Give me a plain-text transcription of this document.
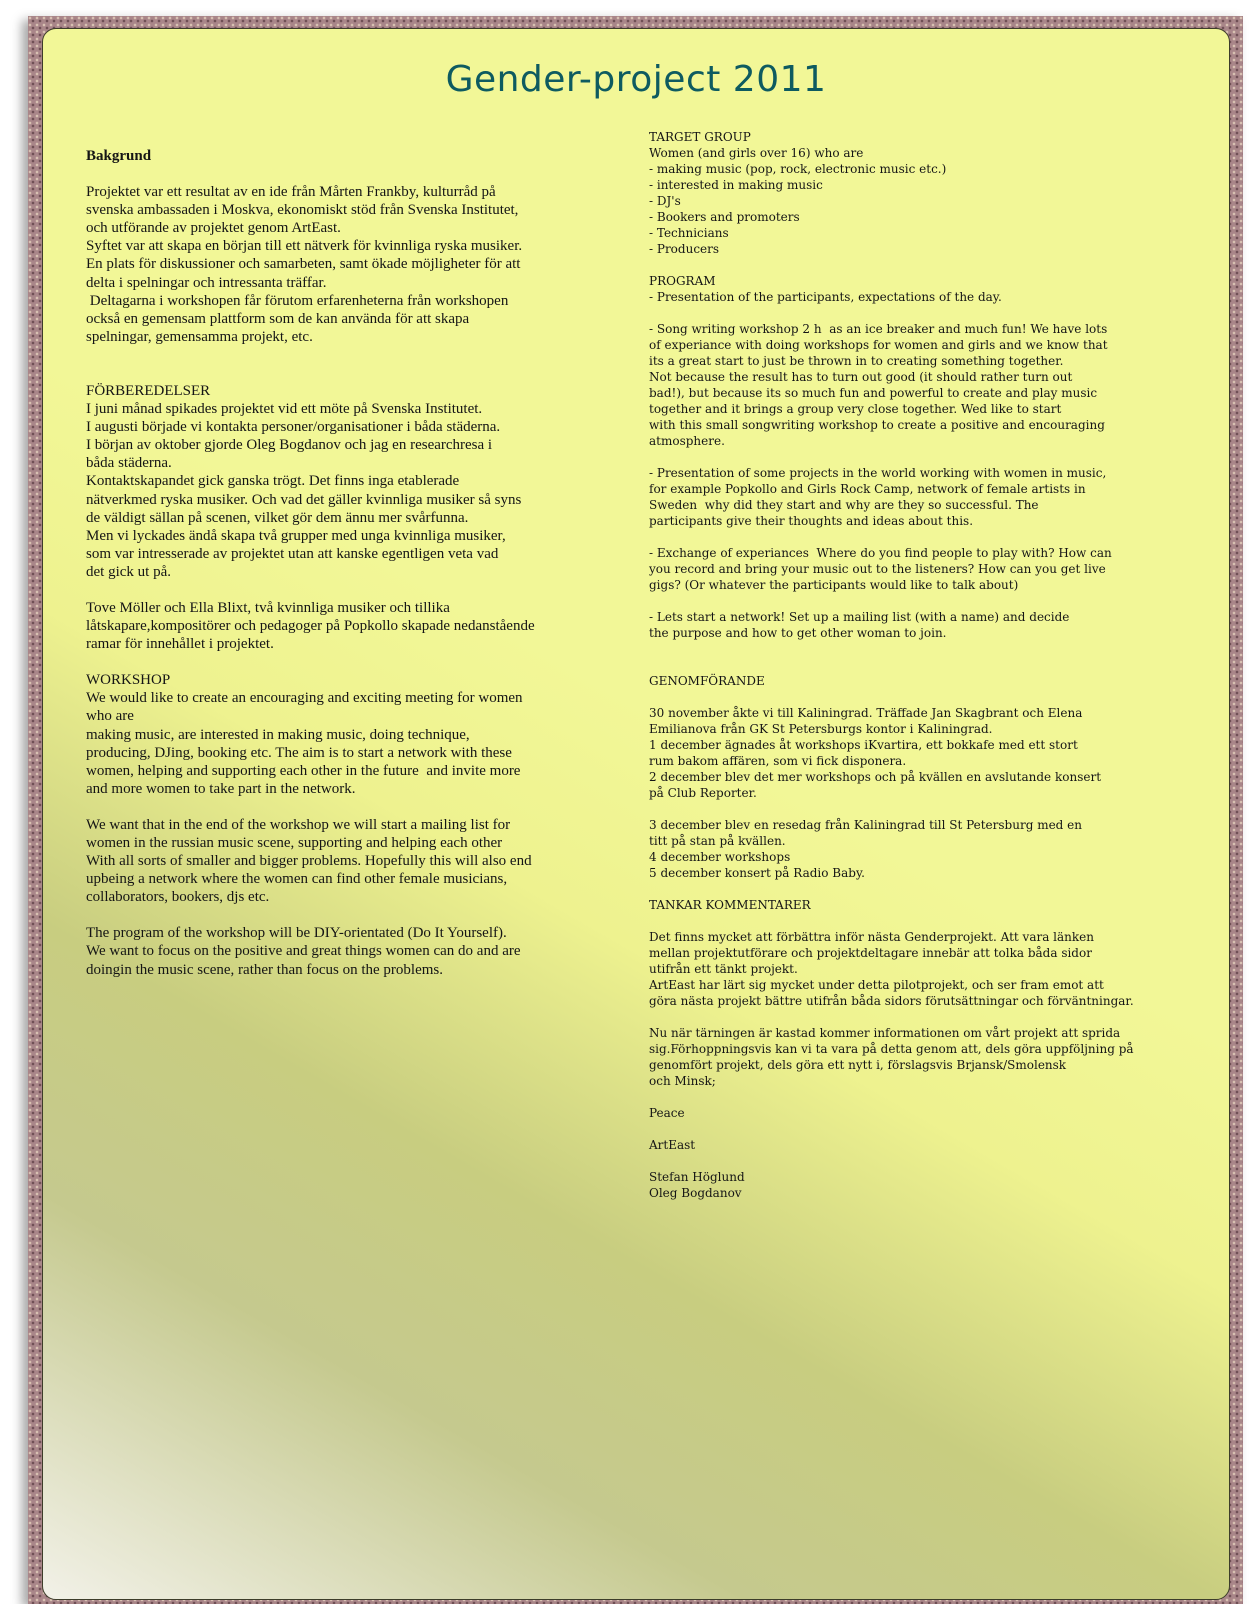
Gender-project 2011
Bakgrund
Projektet var ett resultat av en ide från Mårten Frankby, kulturråd på
svenska ambassaden i Moskva, ekonomiskt stöd från Svenska Institutet,
och utförande av projektet genom ArtEast.
Syftet var att skapa en början till ett nätverk för kvinnliga ryska musiker.
En plats för diskussioner och samarbeten, samt ökade möjligheter för att
delta i spelningar och intressanta träffar.
Deltagarna i workshopen får förutom erfarenheterna från workshopen
också en gemensam plattform som de kan använda för att skapa
spelningar, gemensamma projekt, etc.
FÖRBEREDELSER
I juni månad spikades projektet vid ett möte på Svenska Institutet.
I augusti började vi kontakta personer/organisationer i båda städerna.
I början av oktober gjorde Oleg Bogdanov och jag en researchresa i
båda städerna.
Kontaktskapandet gick ganska trögt. Det finns inga etablerade
nätverkmed ryska musiker. Och vad det gäller kvinnliga musiker så syns
de väldigt sällan på scenen, vilket gör dem ännu mer svårfunna.
Men vi lyckades ändå skapa två grupper med unga kvinnliga musiker,
som var intresserade av projektet utan att kanske egentligen veta vad
det gick ut på.
Tove Möller och Ella Blixt, två kvinnliga musiker och tillika
låtskapare,kompositörer och pedagoger på Popkollo skapade nedanstående
ramar för innehållet i projektet.
WORKSHOP
We would like to create an encouraging and exciting meeting for women
who are
making music, are interested in making music, doing technique,
producing, DJing, booking etc. The aim is to start a network with these
women, helping and supporting each other in the future  and invite more
and more women to take part in the network.
We want that in the end of the workshop we will start a mailing list for
women in the russian music scene, supporting and helping each other
With all sorts of smaller and bigger problems. Hopefully this will also end
upbeing a network where the women can find other female musicians,
collaborators, bookers, djs etc.
The program of the workshop will be DIY-orientated (Do It Yourself).
We want to focus on the positive and great things women can do and are
doingin the music scene, rather than focus on the problems.
TARGET GROUP
Women (and girls over 16) who are
- making music (pop, rock, electronic music etc.)
- interested in making music
- DJ's
- Bookers and promoters
- Technicians
- Producers
PROGRAM
- Presentation of the participants, expectations of the day.
- Song writing workshop 2 h  as an ice breaker and much fun! We have lots
of experiance with doing workshops for women and girls and we know that
its a great start to just be thrown in to creating something together.
Not because the result has to turn out good (it should rather turn out
bad!), but because its so much fun and powerful to create and play music
together and it brings a group very close together. Wed like to start
with this small songwriting workshop to create a positive and encouraging
atmosphere.
- Presentation of some projects in the world working with women in music,
for example Popkollo and Girls Rock Camp, network of female artists in
Sweden  why did they start and why are they so successful. The
participants give their thoughts and ideas about this.
- Exchange of experiances  Where do you find people to play with? How can
you record and bring your music out to the listeners? How can you get live
gigs? (Or whatever the participants would like to talk about)
- Lets start a network! Set up a mailing list (with a name) and decide
the purpose and how to get other woman to join.
GENOMFÖRANDE
30 november åkte vi till Kaliningrad. Träffade Jan Skagbrant och Elena
Emilianova från GK St Petersburgs kontor i Kaliningrad.
1 december ägnades åt workshops iKvartira, ett bokkafe med ett stort
rum bakom affären, som vi fick disponera.
2 december blev det mer workshops och på kvällen en avslutande konsert
på Club Reporter.
3 december blev en resedag från Kaliningrad till St Petersburg med en
titt på stan på kvällen.
4 december workshops
5 december konsert på Radio Baby.
TANKAR KOMMENTARER
Det finns mycket att förbättra inför nästa Genderprojekt. Att vara länken
mellan projektutförare och projektdeltagare innebär att tolka båda sidor
utifrån ett tänkt projekt.
ArtEast har lärt sig mycket under detta pilotprojekt, och ser fram emot att
göra nästa projekt bättre utifrån båda sidors förutsättningar och förväntningar.
Nu när tärningen är kastad kommer informationen om vårt projekt att sprida
sig.Förhoppningsvis kan vi ta vara på detta genom att, dels göra uppföljning på
genomfört projekt, dels göra ett nytt i, förslagsvis Brjansk/Smolensk
och Minsk;
Peace
ArtEast
Stefan Höglund
Oleg Bogdanov
